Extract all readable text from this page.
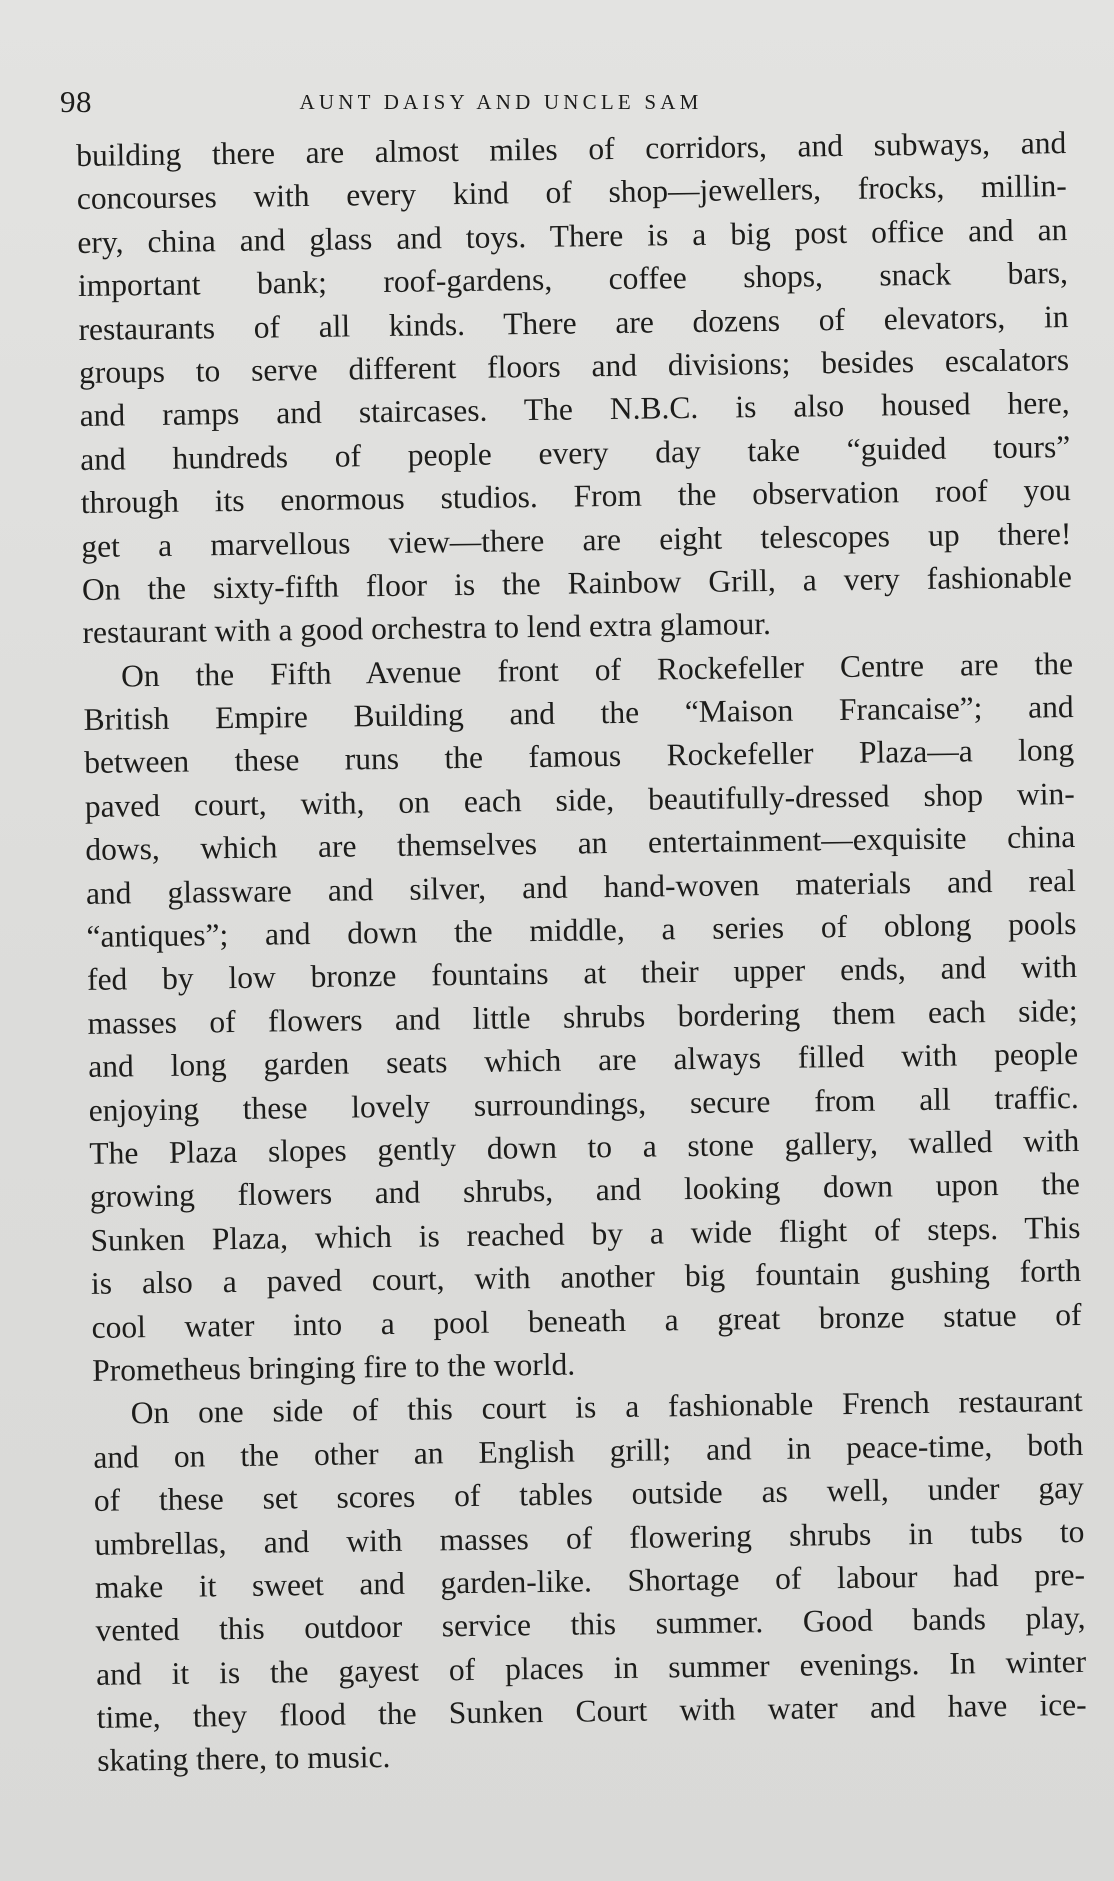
98	AUNT DAISY AND UNCLE SAM
building there are almost miles of corridors, and subways, and
concourses with every kind of shop—jewellers, frocks, millin-
ery, china and glass and toys. There is a big post office and an
important bank; roof-gardens, coffee shops, snack bars,
restaurants of all kinds. There are dozens of elevators, in
groups to serve different floors and divisions; besides escalators
and ramps and staircases. The N.B.C. is also housed here,
and hundreds of people every day take “guided tours”
through its enormous studios. From the observation roof you
get a marvellous view—there are eight telescopes up there!
On the sixty-fifth floor is the Rainbow Grill, a very fashionable
restaurant with a good orchestra to lend extra glamour.
On the Fifth Avenue front of Rockefeller Centre are the
British Empire Building and the “Maison Francaise”; and
between these runs the famous Rockefeller Plaza—a long
paved court, with, on each side, beautifully-dressed shop win-
dows, which are themselves an entertainment—exquisite china
and glassware and silver, and hand-woven materials and real
“antiques”; and down the middle, a series of oblong pools
fed by low bronze fountains at their upper ends, and with
masses of flowers and little shrubs bordering them each side;
and long garden seats which are always filled with people
enjoying these lovely surroundings, secure from all traffic.
The Plaza slopes gently down to a stone gallery, walled with
growing flowers and shrubs, and looking down upon the
Sunken Plaza, which is reached by a wide flight of steps. This
is also a paved court, with another big fountain gushing forth
cool water into a pool beneath a great bronze statue of
Prometheus bringing fire to the world.
On one side of this court is a fashionable French restaurant
and on the other an English grill; and in peace-time, both
of these set scores of tables outside as well, under gay
umbrellas, and with masses of flowering shrubs in tubs to
make it sweet and garden-like. Shortage of labour had pre-
vented this outdoor service this summer. Good bands play,
and it is the gayest of places in summer evenings. In winter
time, they flood the Sunken Court with water and have ice-
skating there, to music.
